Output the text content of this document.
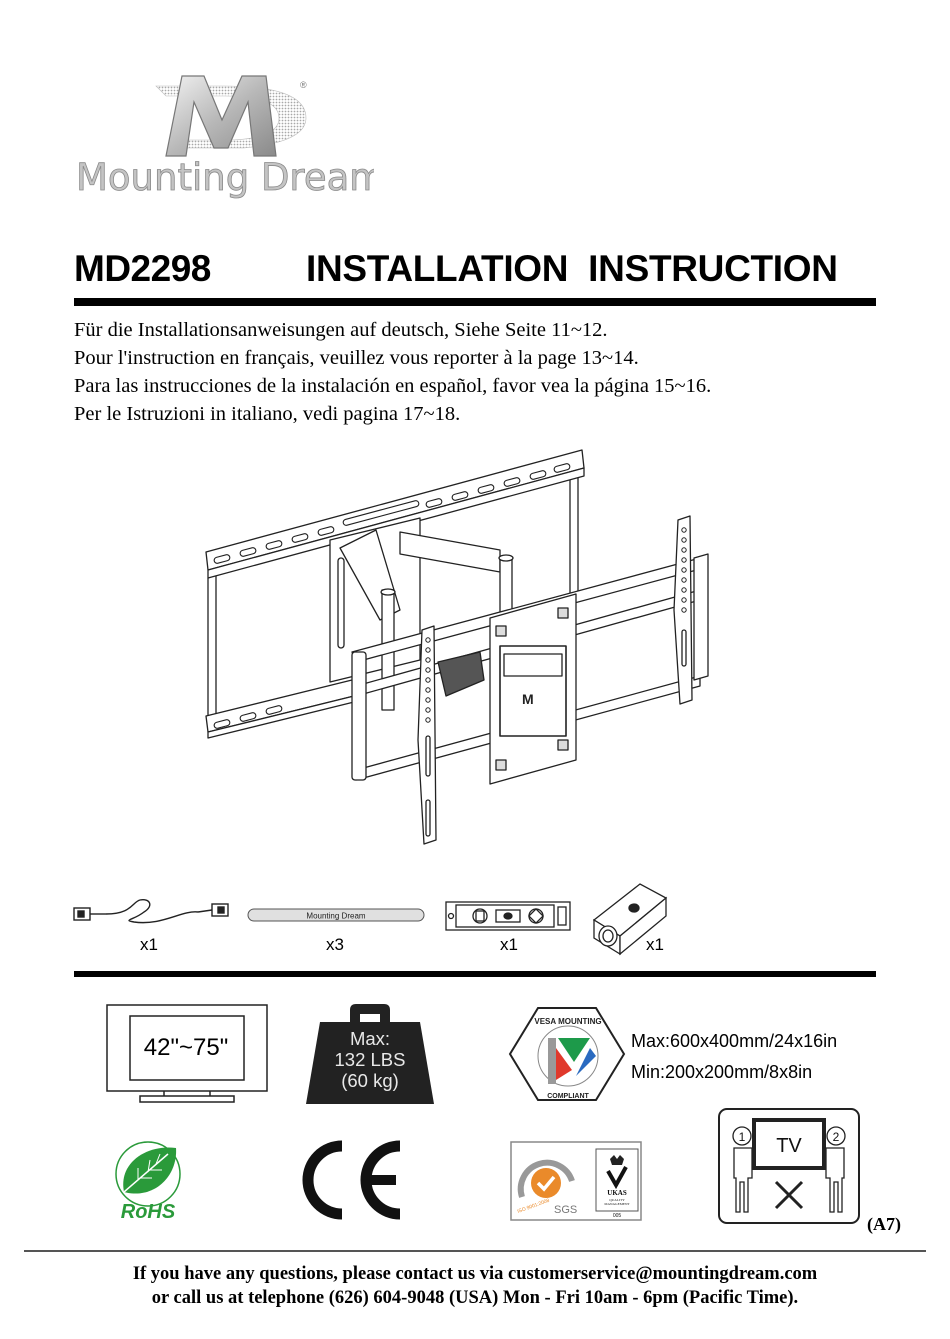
®
Mounting Dream
MD2298	INSTALLATION  INSTRUCTION
Für die Installationsanweisungen auf deutsch, Siehe Seite 11~12.
Pour l'instruction en français, veuillez vous reporter à la page 13~14.
Para las instrucciones de la instalación en español, favor vea la página 15~16.
Per le Istruzioni in italiano, vedi pagina 17~18.
M
x1
Mounting Dream
x3	x1	x1
42"~75"	Max:
132 LBS
(60 kg)
VESA MOUNTING
COMPLIANT
Max:600x400mm/24x16in
Min:200x200mm/8x8in
RoHS	SGS
ISO 9001:2008
UKAS
QUALITY
MANAGEMENT
005
TV
1	2
(A7)
If you have any questions, please contact us via customerservice@mountingdream.com
or call us at telephone (626) 604-9048 (USA) Mon - Fri 10am - 6pm (Pacific Time).
